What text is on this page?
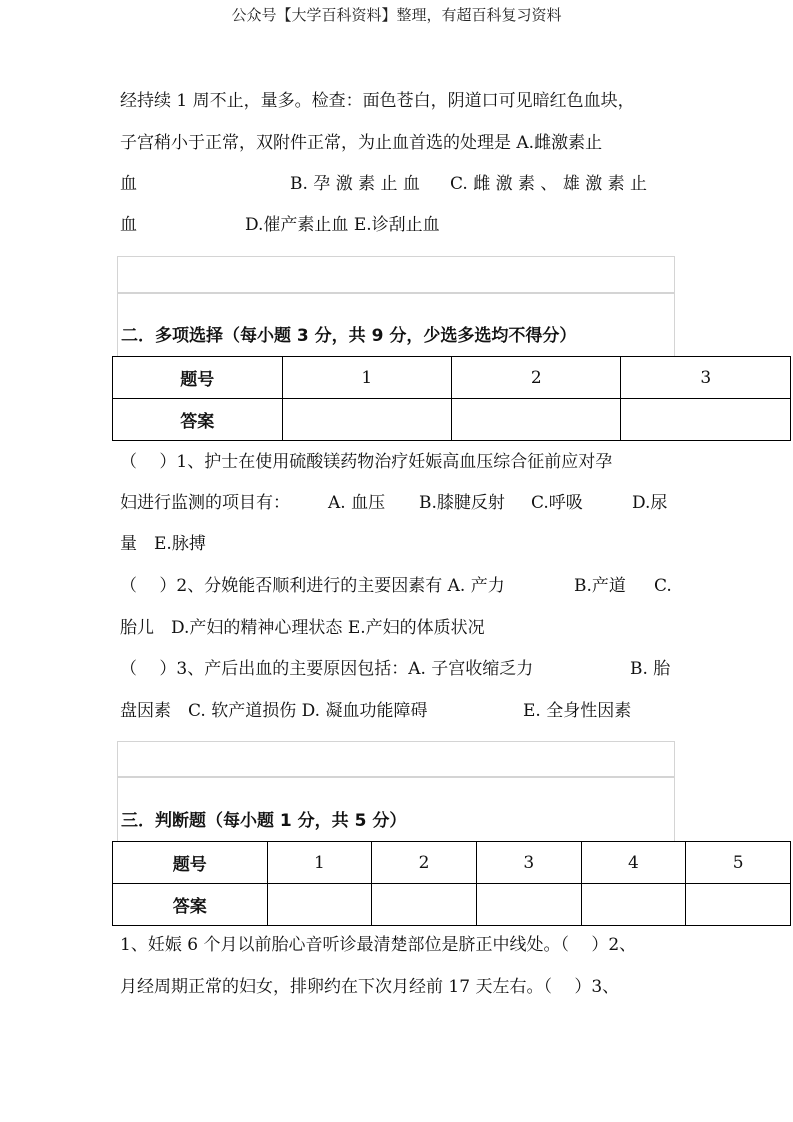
公众号【大学百科资料】整理，有超百科复习资料
经持续 1 周不止，量多。检查：面色苍白，阴道口可见暗红色血块，
子宫稍小于正常，双附件正常，为止血首选的处理是 A.雌激素止
血	B. 孕 激 素 止 血 C. 雌 激 素 、 雄 激 素 止
血	D.催产素止血 E.诊刮止血
二．多项选择（每小题 3 分，共 9 分，少选多选均不得分）
题号	1	2	3
答案			
（　 ）1、护士在使用硫酸镁药物治疗妊娠高血压综合征前应对孕
妇进行监测的项目有： A. 血压 B.膝腱反射 C.呼吸	D.尿
量　E.脉搏
（　 ）2、分娩能否顺利进行的主要因素有 A. 产力	B.产道 C.
胎儿　D.产妇的精神心理状态 E.产妇的体质状况
（　 ）3、产后出血的主要原因包括：A. 子宫收缩乏力	B. 胎
盘因素　C. 软产道损伤 D. 凝血功能障碍	E. 全身性因素
三．判断题（每小题 1 分，共 5 分）
题号	1	2	3	4	5
答案					
1、妊娠 6 个月以前胎心音听诊最清楚部位是脐正中线处。（　 ）2、
月经周期正常的妇女，排卵约在下次月经前 17 天左右。（　 ）3、
